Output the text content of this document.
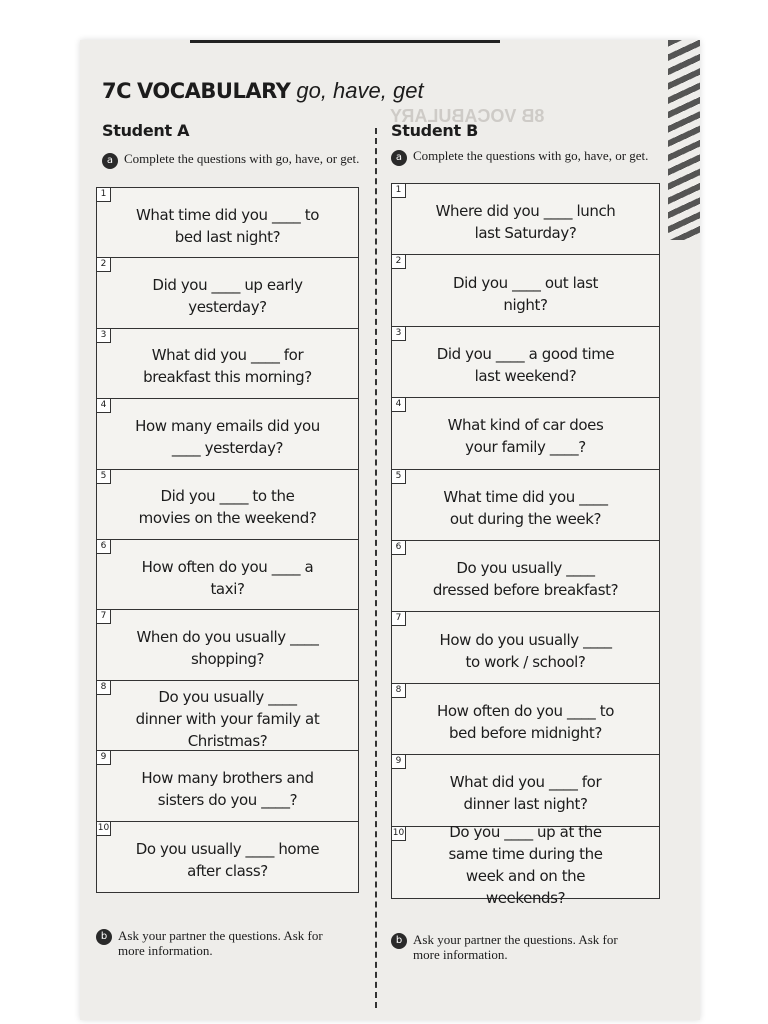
8B VOCABULARY
7C VOCABULARY go, have, get
Student A
a Complete the questions with go, have, or get.
1
What time did you ____ to bed last night?
2
Did you ____ up early yesterday?
3
What did you ____ for breakfast this morning?
4
How many emails did you ____ yesterday?
5
Did you ____ to the movies on the weekend?
6
How often do you ____ a taxi?
7
When do you usually ____ shopping?
8
Do you usually ____ dinner with your family at Christmas?
9
How many brothers and sisters do you ____?
10
Do you usually ____ home after class?
b Ask your partner the questions. Ask for more information.
Student B
a Complete the questions with go, have, or get.
1
Where did you ____ lunch last Saturday?
2
Did you ____ out last night?
3
Did you ____ a good time last weekend?
4
What kind of car does your family ____?
5
What time did you ____ out during the week?
6
Do you usually ____ dressed before breakfast?
7
How do you usually ____ to work / school?
8
How often do you ____ to bed before midnight?
9
What did you ____ for dinner last night?
10	Do you ____ up at the same time during the week and on the weekends?
b Ask your partner the questions. Ask for more information.
